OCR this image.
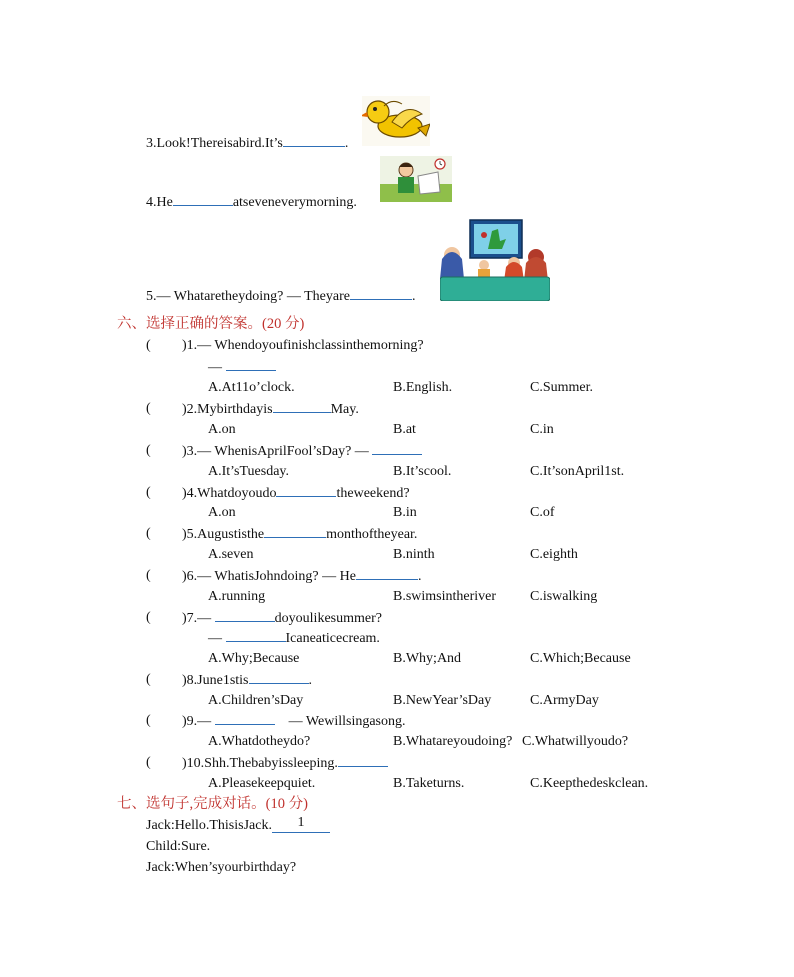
3.Look!Thereisabird.It’s	.
4.He	atseveneverymorning.
5.— Whataretheydoing? — Theyare	.
六、选择正确的答案。(20 分)
( )1.— Whendoyoufinishclassinthemorning?
—
A.At11o’clock.	B.English.	C.Summer.
( )2.Mybirthdayis	May.
A.on	B.at	C.in
( )3.— WhenisAprilFool’sDay? —
A.It’sTuesday.	B.It’scool.	C.It’sonApril1st.
( )4.Whatdoyoudo	theweekend?
A.on	B.in	C.of
( )5.Augustisthe	monthoftheyear.
A.seven	B.ninth	C.eighth
( )6.— WhatisJohndoing? — He	.
A.running	B.swimsintheriver C.iswalking
( )7.—	doyoulikesummer?
—	Icaneaticecream.
A.Why;Because	B.Why;And	C.Which;Because
( )8.June1stis	.
A.Children’sDay	B.NewYear’sDay	C.ArmyDay
( )9.—	— Wewillsingasong.
A.Whatdotheydo?	B.Whatareyoudoing? C.Whatwillyoudo?
( )10.Shh.Thebabyissleeping.
A.Pleasekeepquiet.	B.Taketurns.	C.Keepthedeskclean.
七、选句子,完成对话。(10 分)
Jack:Hello.ThisisJack. 1
Child:Sure.
Jack:When’syourbirthday?
